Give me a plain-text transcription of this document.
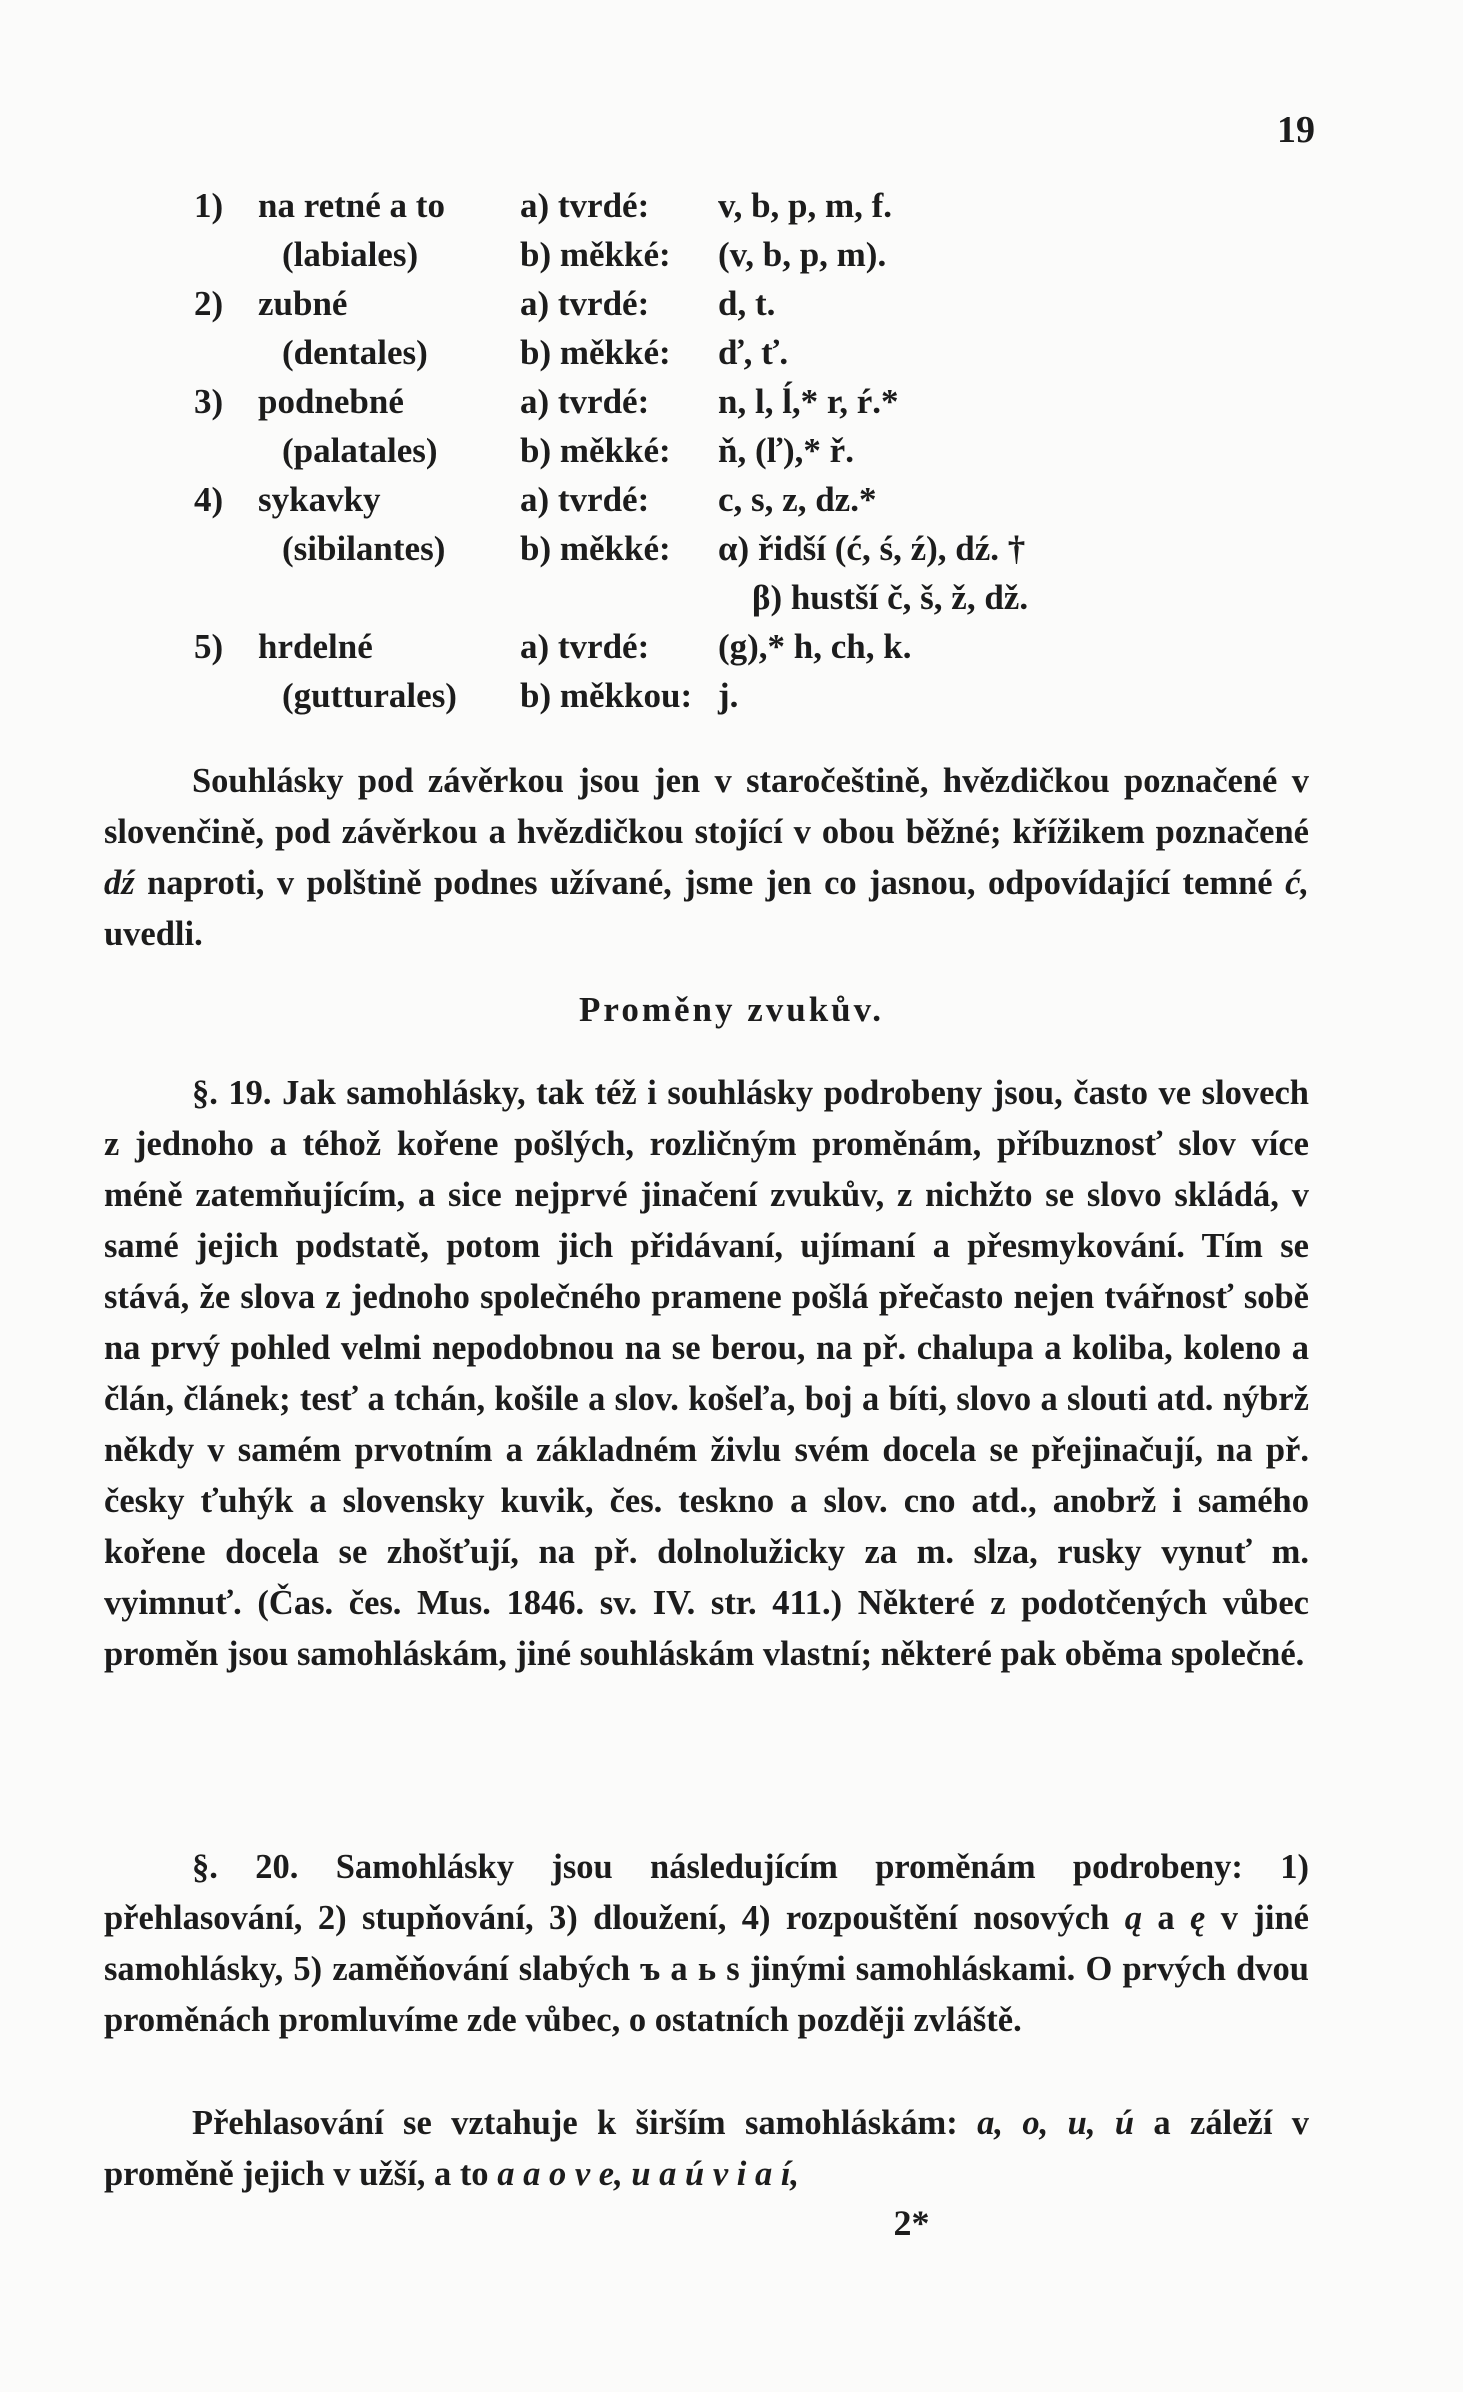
19
1) na retné a to a) tvrdé: v, b, p, m, f.
(labiales)	b) měkké: (v, b, p, m).
2) zubné	a) tvrdé: d, t.
(dentales)	b) měkké: ď, ť.
3) podnebné	a) tvrdé: n, l, ĺ,* r, ŕ.*
(palatales) b) měkké: ň, (ľ),* ř.
4) sykavky	a) tvrdé: c, s, z, dz.*
(sibilantes) b) měkké: α) řidší (ć, ś, ź), dź. †
β) hustší č, š, ž, dž.
5) hrdelné	a) tvrdé: (g),* h, ch, k.
(gutturales) b) měkkou: j.
Souhlásky pod závěrkou jsou jen v staročeštině, hvězdičkou poznačené v slovenčině, pod závěrkou a hvězdičkou stojící v obou běžné; křížikem poznačené dź naproti, v polštině podnes užívané, jsme jen co jasnou, odpovídající temné ć, uvedli.
Proměny zvukův.
§. 19. Jak samohlásky, tak též i souhlásky podrobeny jsou, často ve slovech z jednoho a téhož kořene pošlých, rozličným proměnám, příbuznosť slov více méně zatemňujícím, a sice nejprvé jinačení zvukův, z nichžto se slovo skládá, v samé jejich podstatě, potom jich přidávaní, ujímaní a přesmykování. Tím se stává, že slova z jednoho společného pramene pošlá přečasto nejen tvářnosť sobě na prvý pohled velmi nepodobnou na se berou, na př. chalupa a koliba, koleno a člán, článek; tesť a tchán, košile a slov. košeľa, boj a bíti, slovo a slouti atd. nýbrž někdy v samém prvotním a základném živlu svém docela se přejinačují, na př. česky ťuhýk a slovensky kuvik, čes. teskno a slov. cno atd., anobrž i samého kořene docela se zhošťují, na př. dolnolužicky za m. slza, rusky vynuť m. vyimnuť. (Čas. čes. Mus. 1846. sv. IV. str. 411.) Některé z podotčených vůbec proměn jsou samohláskám, jiné souhláskám vlastní; některé pak oběma společné.
§. 20. Samohlásky jsou následujícím proměnám podrobeny: 1) přehlasování, 2) stupňování, 3) dloužení, 4) rozpouštění nosových ą a ę v jiné samohlásky, 5) zaměňování slabých ъ a ь s jinými samohláskami. O prvých dvou proměnách promluvíme zde vůbec, o ostatních později zvláště.
Přehlasování se vztahuje k širším samohláskám: a, o, u, ú a záleží v proměně jejich v užší, a to a a o v e, u a ú v i a í,
2*
